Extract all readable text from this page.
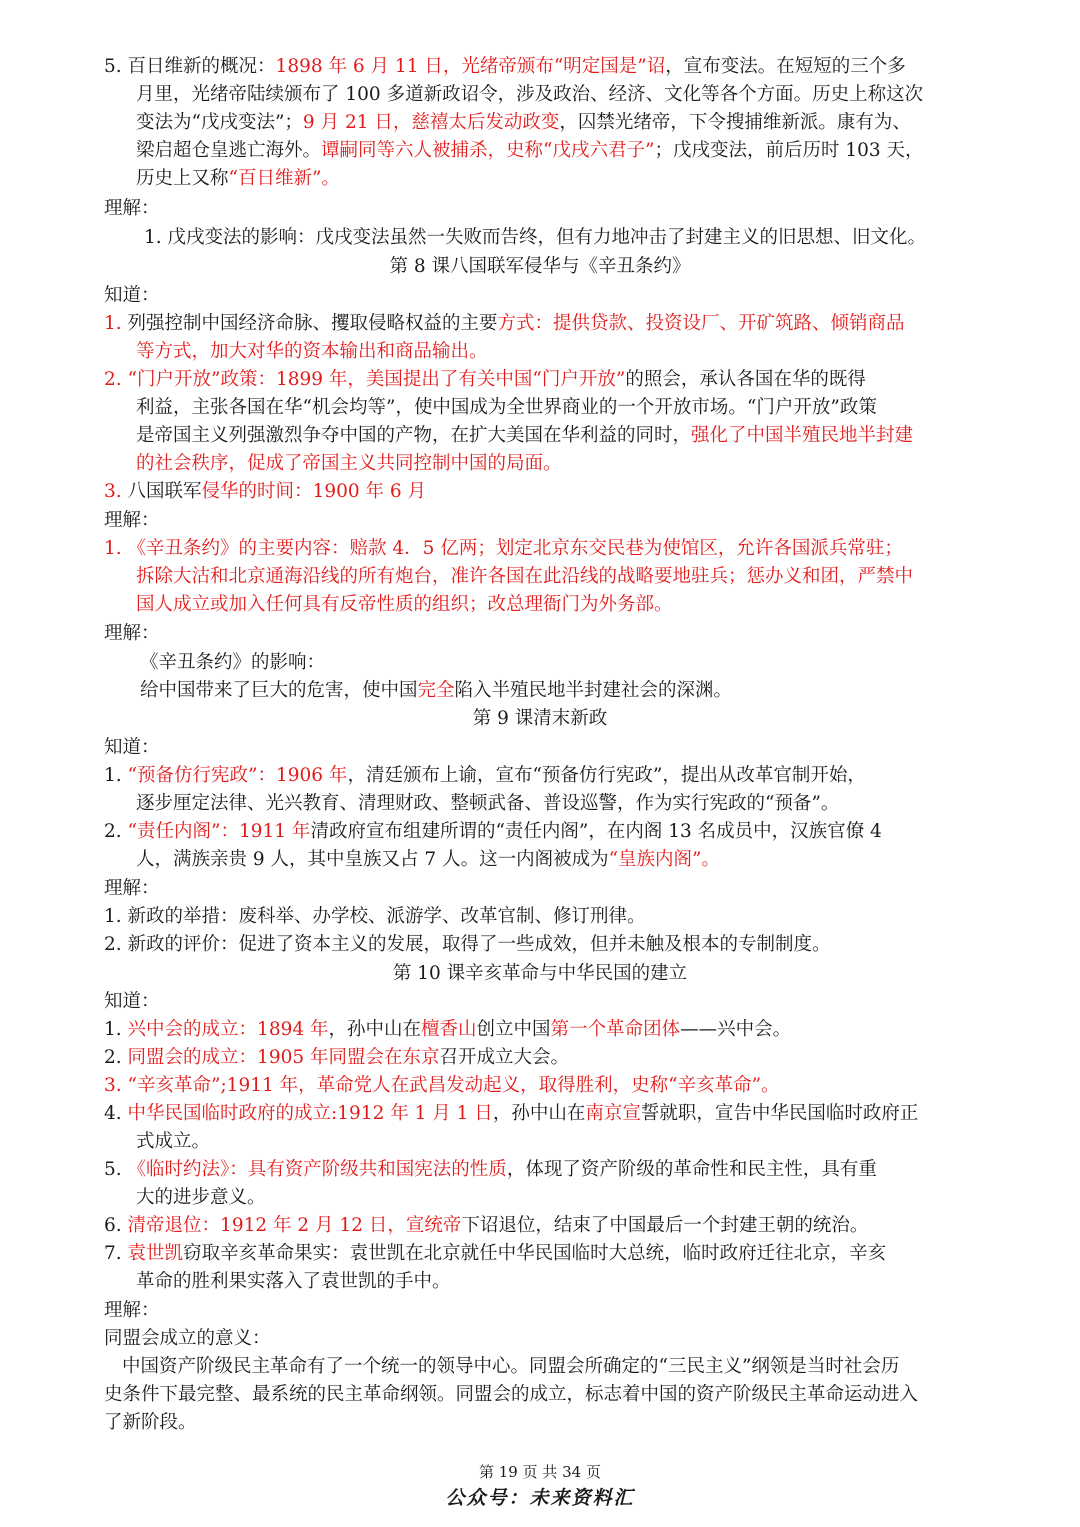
5. 百日维新的概况：1898 年 6 月 11 日，光绪帝颁布“明定国是”诏，宣布变法。在短短的三个多
月里，光绪帝陆续颁布了 100 多道新政诏令，涉及政治、经济、文化等各个方面。历史上称这次
变法为“戊戌变法”；9 月 21 日，慈禧太后发动政变，囚禁光绪帝，下令搜捕维新派。康有为、
梁启超仓皇逃亡海外。谭嗣同等六人被捕杀，史称“戊戌六君子”；戊戌变法，前后历时 103 天，
历史上又称“百日维新”。
理解：
1. 戊戌变法的影响：戊戌变法虽然一失败而告终，但有力地冲击了封建主义的旧思想、旧文化。
第 8 课八国联军侵华与《辛丑条约》
知道：
1. 列强控制中国经济命脉、攫取侵略权益的主要方式：提供贷款、投资设厂、开矿筑路、倾销商品
等方式，加大对华的资本输出和商品输出。
2. “门户开放”政策：1899 年，美国提出了有关中国“门户开放”的照会，承认各国在华的既得
利益，主张各国在华“机会均等”，使中国成为全世界商业的一个开放市场。“门户开放”政策
是帝国主义列强激烈争夺中国的产物，在扩大美国在华利益的同时，强化了中国半殖民地半封建
的社会秩序，促成了帝国主义共同控制中国的局面。
3. 八国联军侵华的时间：1900 年 6 月
理解：
1. 《辛丑条约》的主要内容：赔款 4．5 亿两；划定北京东交民巷为使馆区，允许各国派兵常驻；
拆除大沽和北京通海沿线的所有炮台，准许各国在此沿线的战略要地驻兵；惩办义和团，严禁中
国人成立或加入任何具有反帝性质的组织；改总理衙门为外务部。
理解：
《辛丑条约》的影响：
给中国带来了巨大的危害，使中国完全陷入半殖民地半封建社会的深渊。
第 9 课清末新政
知道：
1. “预备仿行宪政”：1906 年，清廷颁布上谕，宣布“预备仿行宪政”，提出从改革官制开始，
逐步厘定法律、光兴教育、清理财政、整顿武备、普设巡警，作为实行宪政的“预备”。
2. “责任内阁”：1911 年清政府宣布组建所谓的“责任内阁”，在内阁 13 名成员中，汉族官僚 4
人，满族亲贵 9 人，其中皇族又占 7 人。这一内阁被成为“皇族内阁”。
理解：
1. 新政的举措：废科举、办学校、派游学、改革官制、修订刑律。
2. 新政的评价：促进了资本主义的发展，取得了一些成效，但并未触及根本的专制制度。
第 10 课辛亥革命与中华民国的建立
知道：
1. 兴中会的成立：1894 年，孙中山在檀香山创立中国第一个革命团体——兴中会。
2. 同盟会的成立：1905 年同盟会在东京召开成立大会。
3. “辛亥革命”;1911 年，革命党人在武昌发动起义，取得胜利，史称“辛亥革命”。
4. 中华民国临时政府的成立:1912 年 1 月 1 日，孙中山在南京宣誓就职，宣告中华民国临时政府正
式成立。
5. 《临时约法》：具有资产阶级共和国宪法的性质，体现了资产阶级的革命性和民主性，具有重
大的进步意义。
6. 清帝退位：1912 年 2 月 12 日，宣统帝下诏退位，结束了中国最后一个封建王朝的统治。
7. 袁世凯窃取辛亥革命果实：袁世凯在北京就任中华民国临时大总统，临时政府迁往北京，辛亥
革命的胜利果实落入了袁世凯的手中。
理解：
同盟会成立的意义：
中国资产阶级民主革命有了一个统一的领导中心。同盟会所确定的“三民主义”纲领是当时社会历
史条件下最完整、最系统的民主革命纲领。同盟会的成立，标志着中国的资产阶级民主革命运动进入
了新阶段。
第 19 页 共 34 页
公众号：未来资料汇
